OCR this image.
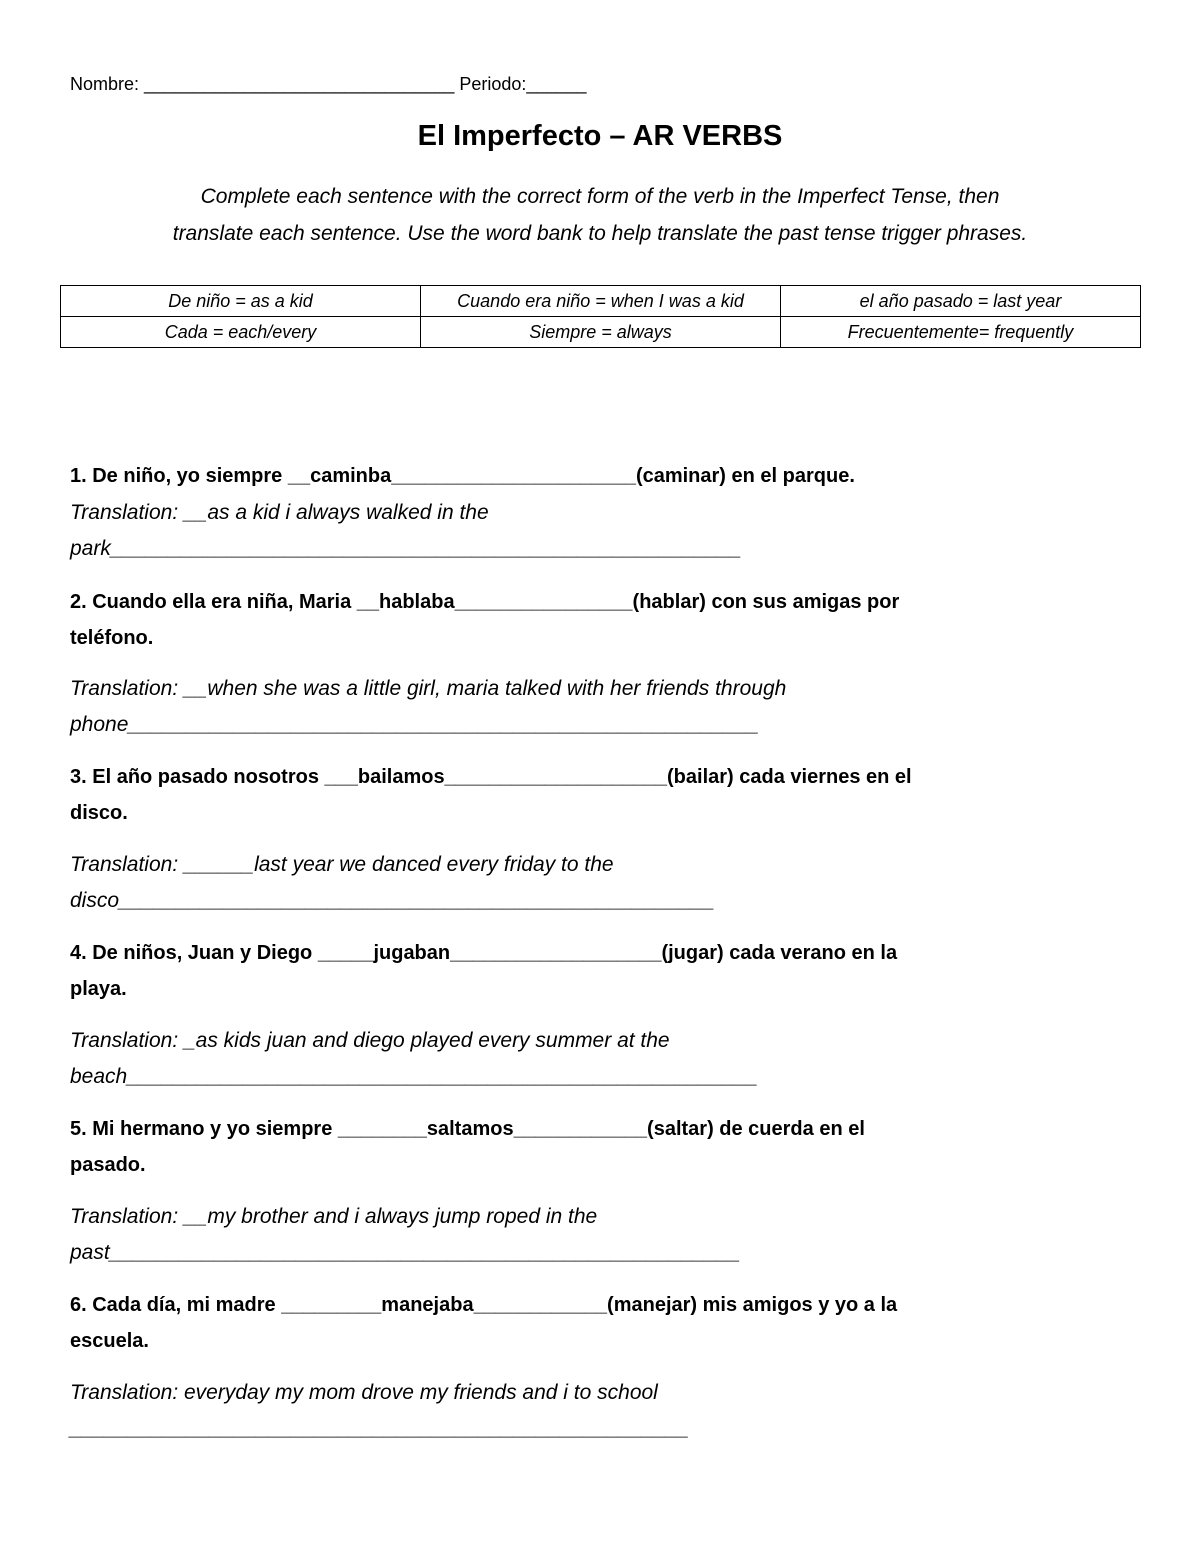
Nombre: _______________________________ Periodo:______
El Imperfecto – AR VERBS
Complete each sentence with the correct form of the verb in the Imperfect Tense, then
translate each sentence. Use the word bank to help translate the past tense trigger phrases.
De niño = as a kid	Cuando era niño = when I was a kid	el año pasado = last year
Cada = each/every	Siempre = always	Frecuentemente= frequently
1. De niño, yo siempre __caminba______________________(caminar) en el parque.
Translation: __as a kid i always walked in the
park______________________________________________________
2. Cuando ella era niña, Maria __hablaba________________(hablar) con sus amigas por
teléfono.
Translation: __when she was a little girl, maria talked with her friends through
phone______________________________________________________
3. El año pasado nosotros ___bailamos____________________(bailar) cada viernes en el
disco.
Translation: ______last year we danced every friday to the
disco___________________________________________________
4. De niños, Juan y Diego _____jugaban___________________(jugar) cada verano en la
playa.
Translation: _as kids juan and diego played every summer at the
beach______________________________________________________
5. Mi hermano y yo siempre ________saltamos____________(saltar) de cuerda en el
pasado.
Translation: __my brother and i always jump roped in the
past______________________________________________________
6. Cada día, mi madre _________manejaba____________(manejar) mis amigos y yo a la
escuela.
Translation: everyday my mom drove my friends and i to school
_____________________________________________________
